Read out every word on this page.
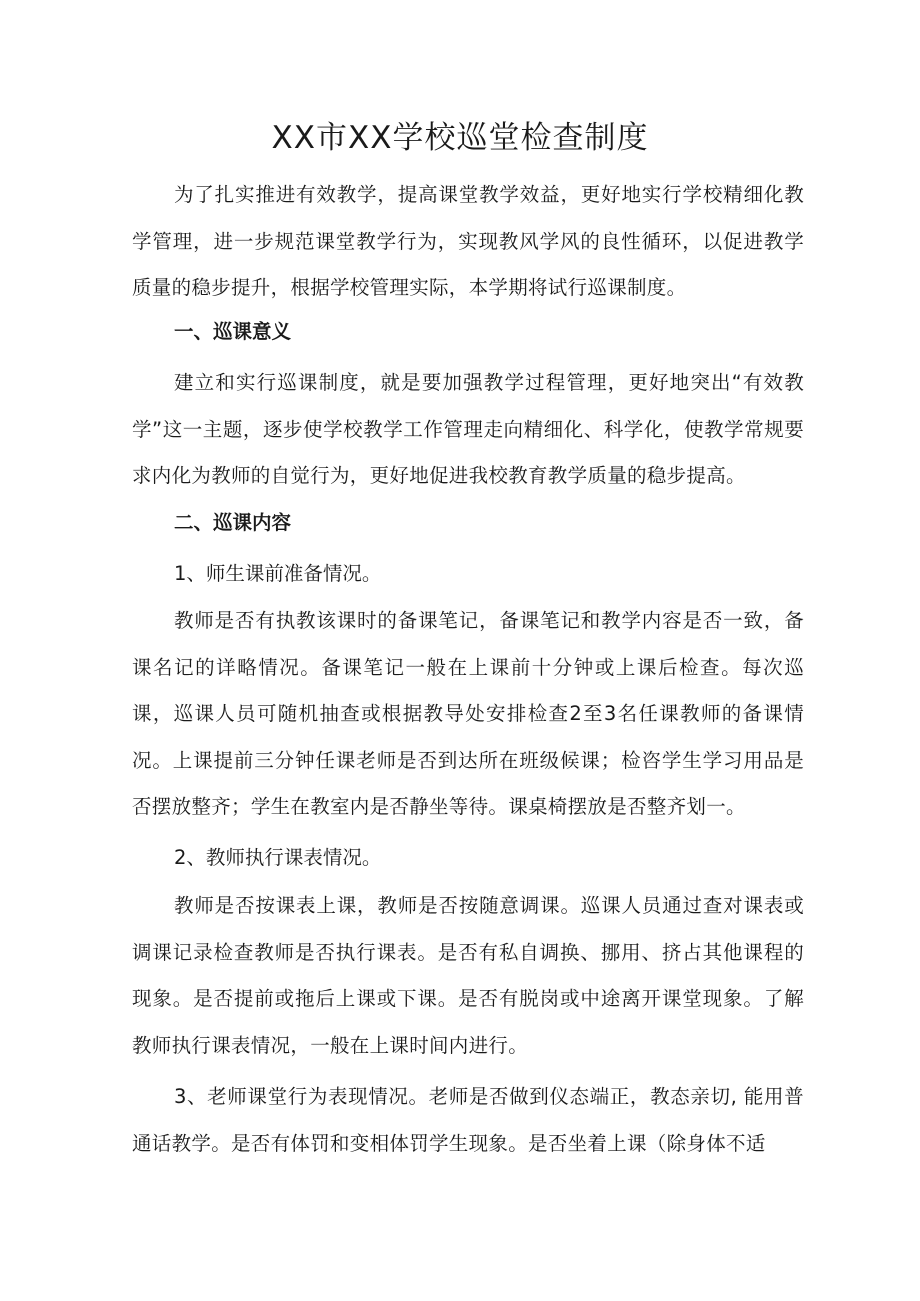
XX市XX学校巡堂检查制度

为了扎实推进有效教学，提高课堂教学效益，更好地实行学校精细化教学管理，进一步规范课堂教学行为，实现教风学风的良性循环，以促进教学质量的稳步提升，根据学校管理实际，本学期将试行巡课制度。

一、巡课意义

建立和实行巡课制度，就是要加强教学过程管理，更好地突出“有效教学”这一主题，逐步使学校教学工作管理走向精细化、科学化，使教学常规要求内化为教师的自觉行为，更好地促进我校教育教学质量的稳步提高。

二、巡课内容

1、师生课前准备情况。

教师是否有执教该课时的备课笔记，备课笔记和教学内容是否一致，备课名记的详略情况。备课笔记一般在上课前十分钟或上课后检查。每次巡课，巡课人员可随机抽查或根据教导处安排检查2至3名任课教师的备课情况。上课提前三分钟任课老师是否到达所在班级候课；检咨学生学习用品是否摆放整齐；学生在教室内是否静坐等待。课桌椅摆放是否整齐划一。

2、教师执行课表情况。

教师是否按课表上课，教师是否按随意调课。巡课人员通过查对课表或调课记录检查教师是否执行课表。是否有私自调换、挪用、挤占其他课程的现象。是否提前或拖后上课或下课。是否有脱岗或中途离开课堂现象。了解教师执行课表情况，一般在上课时间内进行。

3、老师课堂行为表现情况。老师是否做到仪态端正，教态亲切, 能用普通话教学。是否有体罚和变相体罚学生现象。是否坐着上课（除身体不适
